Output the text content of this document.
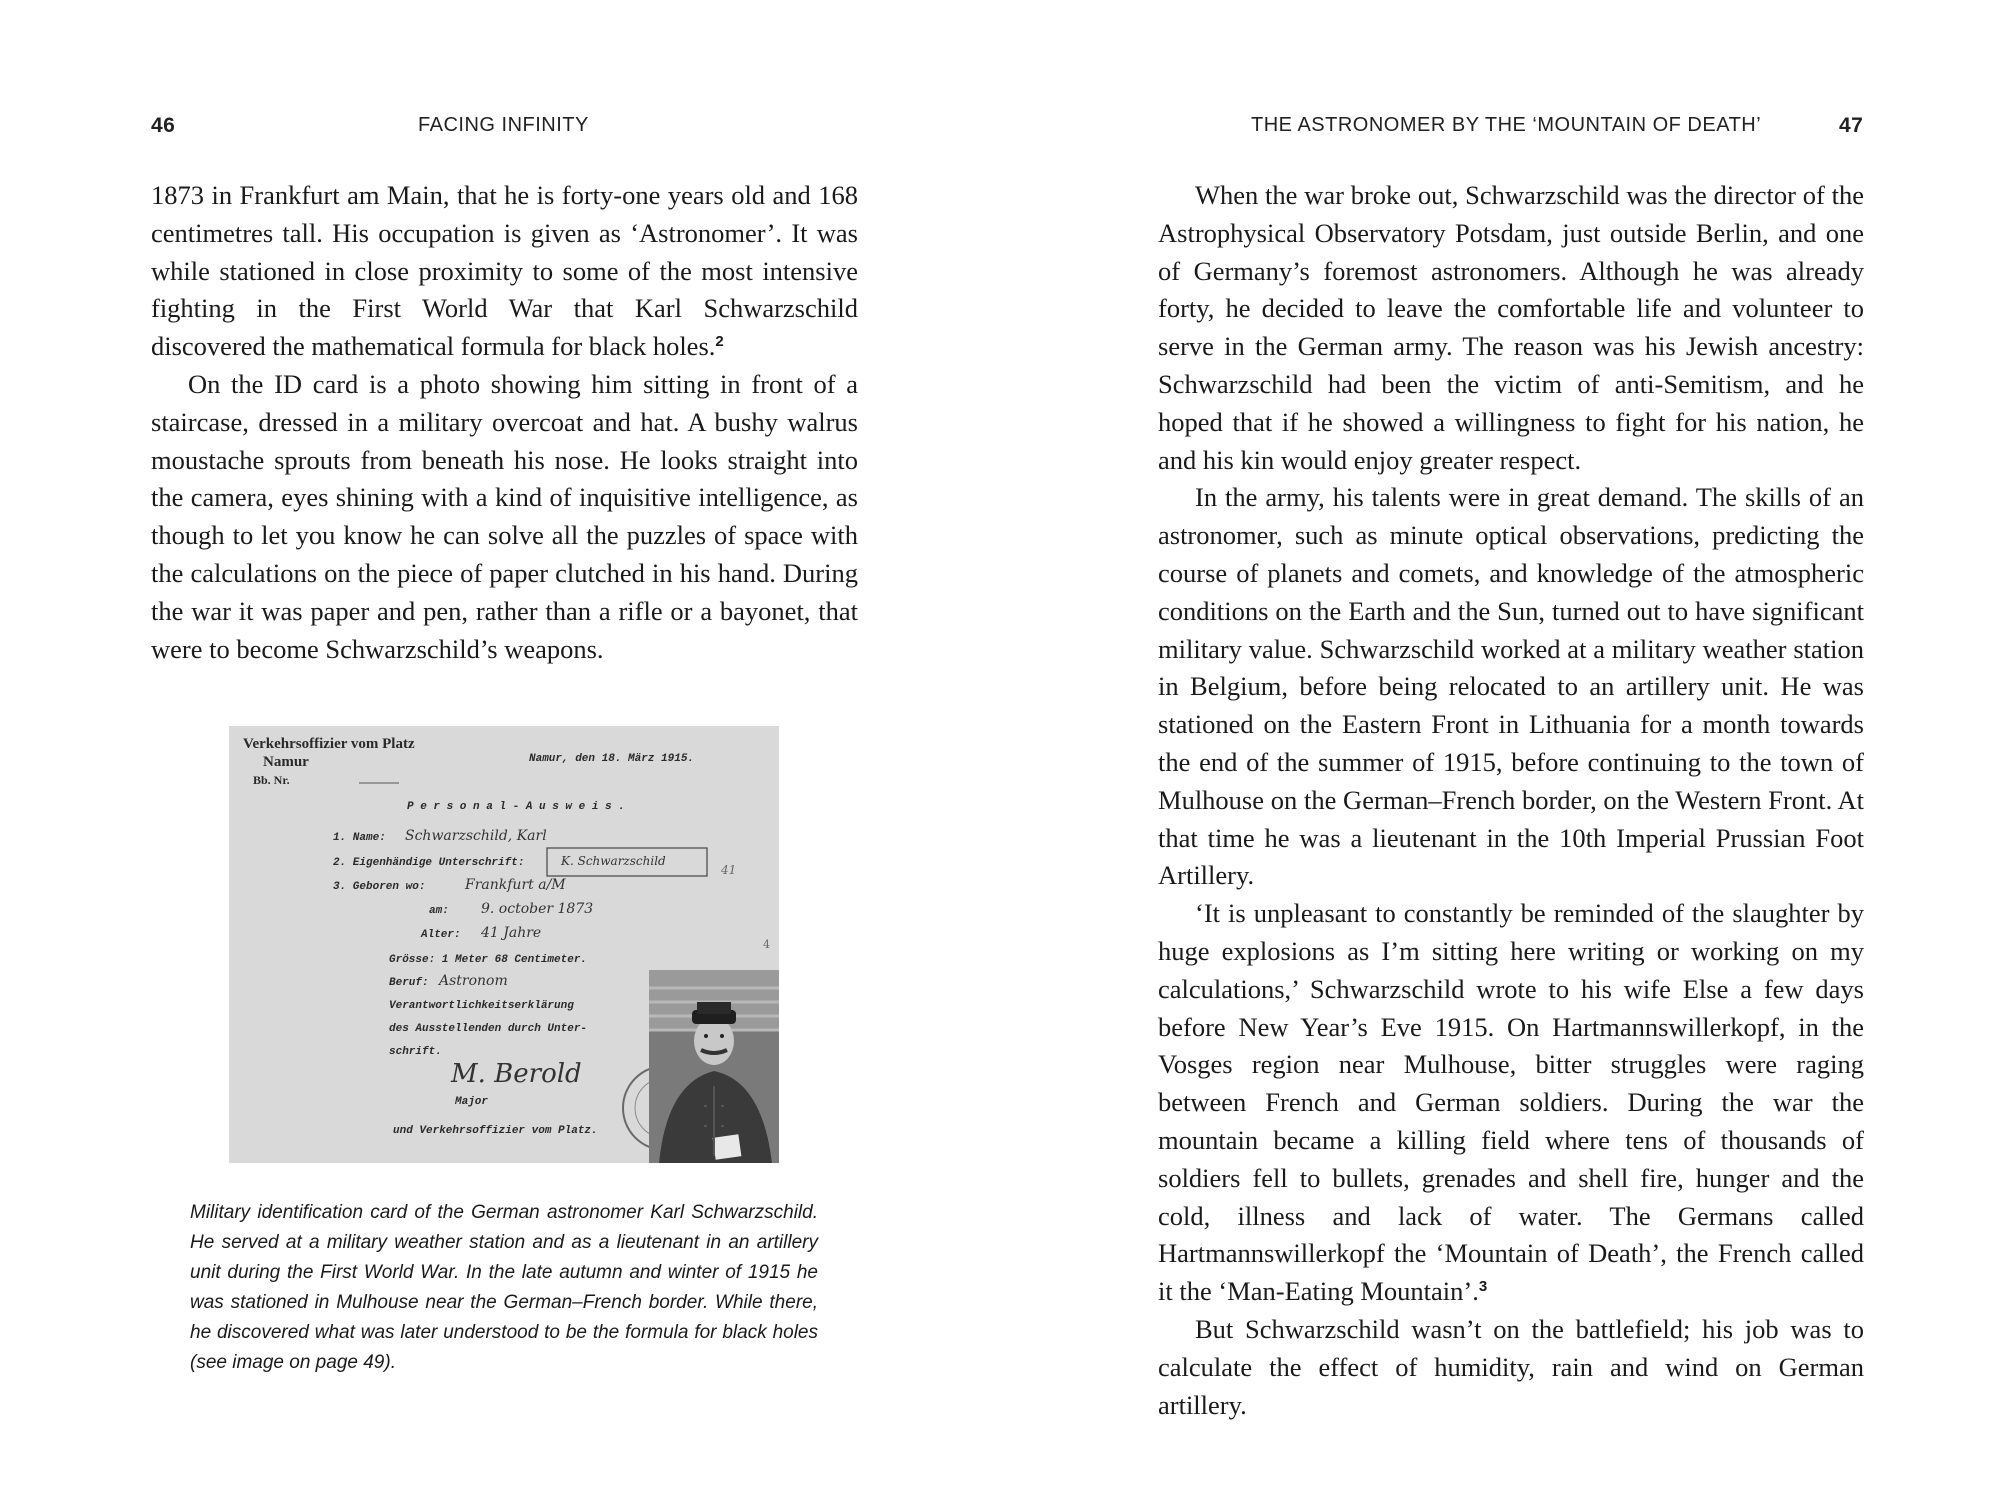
46	FACING INFINITY

1873 in Frankfurt am Main, that he is forty-one years old and 168 centimetres tall. His occupation is given as ‘Astronomer’. It was while stationed in close proximity to some of the most intensive fighting in the First World War that Karl Schwarzschild discovered the mathematical formula for black holes.$^2$

On the ID card is a photo showing him sitting in front of a staircase, dressed in a military overcoat and hat. A bushy walrus moustache sprouts from beneath his nose. He looks straight into the camera, eyes shining with a kind of inquisitive intelligence, as though to let you know he can solve all the puzzles of space with the calculations on the piece of paper clutched in his hand. During the war it was paper and pen, rather than a rifle or a bayonet, that were to become Schwarzschild’s weapons.

Verkehrsoffizier vom Platz
Namur
Bb. Nr.
Namur, den 18. März 1915.
P e r s o n a l - A u s w e i s .
1. Name:
2. Eigenhändige Unterschrift:
3. Geboren wo:
am:
Alter:
Grösse: 1 Meter 68 Centimeter.
Beruf:
Verantwortlichkeitserklärung
des Ausstellenden durch Unter-
schrift.
Major
und Verkehrsoffizier vom Platz.
Schwarzschild, Karl
K. Schwarzschild
Frankfurt a/M
9. october 1873
41 Jahre
Astronom
M. Berold
41
4
Military identification card of the German astronomer Karl Schwarzschild. He served at a military weather station and as a lieutenant in an artillery unit during the First World War. In the late autumn and winter of 1915 he was stationed in Mulhouse near the German–French border. While there, he discovered what was later understood to be the formula for black holes (see image on page 49).
THE ASTRONOMER BY THE ‘MOUNTAIN OF DEATH’	47

When the war broke out, Schwarzschild was the director of the Astrophysical Observatory Potsdam, just outside Berlin, and one of Germany’s foremost astronomers. Although he was already forty, he decided to leave the comfortable life and volunteer to serve in the German army. The reason was his Jewish ancestry: Schwarzschild had been the victim of anti-Semitism, and he hoped that if he showed a willingness to fight for his nation, he and his kin would enjoy greater respect.

In the army, his talents were in great demand. The skills of an astronomer, such as minute optical observations, predicting the course of planets and comets, and knowledge of the atmospheric conditions on the Earth and the Sun, turned out to have significant military value. Schwarzschild worked at a military weather station in Belgium, before being relocated to an artillery unit. He was stationed on the Eastern Front in Lithuania for a month towards the end of the summer of 1915, before continuing to the town of Mulhouse on the German–French border, on the Western Front. At that time he was a lieutenant in the 10th Imperial Prussian Foot Artillery.

‘It is unpleasant to constantly be reminded of the slaughter by huge explosions as I’m sitting here writing or working on my calculations,’ Schwarzschild wrote to his wife Else a few days before New Year’s Eve 1915. On Hartmannswillerkopf, in the Vosges region near Mulhouse, bitter struggles were raging between French and German soldiers. During the war the mountain became a killing field where tens of thousands of soldiers fell to bullets, grenades and shell fire, hunger and the cold, illness and lack of water. The Germans called Hartmannswillerkopf the ‘Mountain of Death’, the French called it the ‘Man-Eating Mountain’.$^3$

But Schwarzschild wasn’t on the battlefield; his job was to calculate the effect of humidity, rain and wind on German artillery.
